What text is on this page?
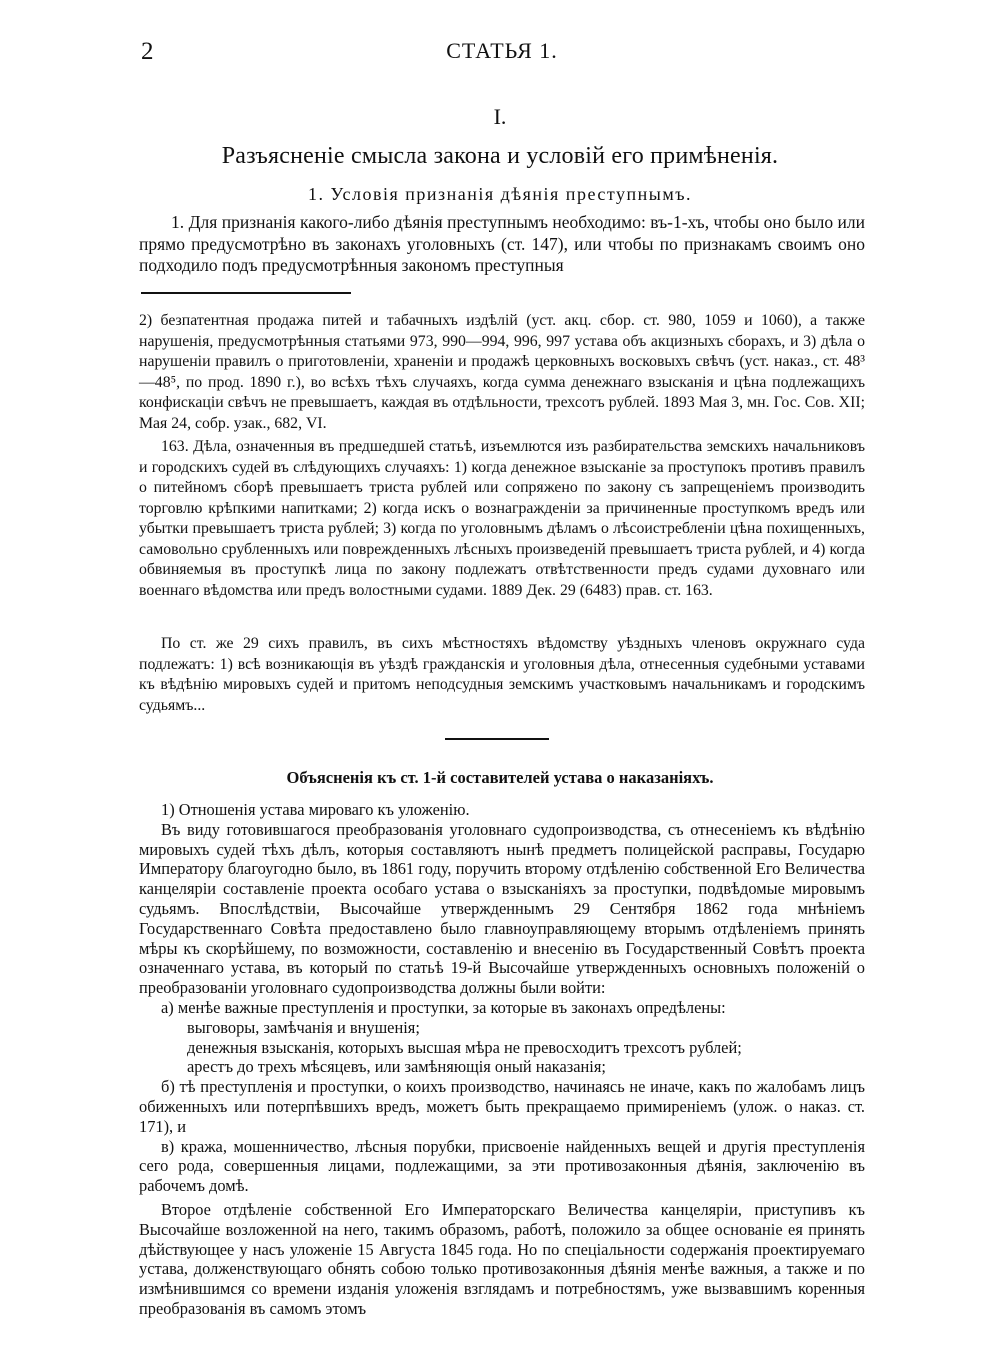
2	СТАТЬЯ 1.
I.
Разъясненіе смысла закона и условій его примѣненія.
1. Условія признанія дѣянія преступнымъ.
1. Для признанія какого-либо дѣянія преступнымъ необходимо: въ-1-хъ, чтобы оно было или прямо предусмотрѣно въ законахъ уголовныхъ (ст. 147), или чтобы по признакамъ своимъ оно подходило подъ предусмотрѣнныя закономъ преступныя
2) безпатентная продажа питей и табачныхъ издѣлій (уст. акц. сбор. ст. 980, 1059 и 1060), а также нарушенія, предусмотрѣнныя статьями 973, 990—994, 996, 997 устава объ акцизныхъ сборахъ, и 3) дѣла о нарушеніи правилъ о приготовленіи, храненіи и продажѣ церковныхъ восковыхъ свѣчъ (уст. наказ., ст. 48³—48⁵, по прод. 1890 г.), во всѣхъ тѣхъ случаяхъ, когда сумма денежнаго взысканія и цѣна подлежащихъ конфискаціи свѣчъ не превышаетъ, каждая въ отдѣльности, трехсотъ рублей. 1893 Мая 3, мн. Гос. Сов. XII; Мая 24, собр. узак., 682, VI.
163. Дѣла, означенныя въ предшедшей статьѣ, изъемлются изъ разбирательства земскихъ начальниковъ и городскихъ судей въ слѣдующихъ случаяхъ: 1) когда денежное взысканіе за проступокъ противъ правилъ о питейномъ сборѣ превышаетъ триста рублей или сопряжено по закону съ запрещеніемъ производить торговлю крѣпкими напитками; 2) когда искъ о вознагражденіи за причиненные проступкомъ вредъ или убытки превышаетъ триста рублей; 3) когда по уголовнымъ дѣламъ о лѣсоистребленіи цѣна похищенныхъ, самовольно срубленныхъ или поврежденныхъ лѣсныхъ произведеній превышаетъ триста рублей, и 4) когда обвиняемыя въ проступкѣ лица по закону подлежатъ отвѣтственности предъ судами духовнаго или военнаго вѣдомства или предъ волостными судами. 1889 Дек. 29 (6483) прав. ст. 163.
По ст. же 29 сихъ правилъ, въ сихъ мѣстностяхъ вѣдомству уѣздныхъ членовъ окружнаго суда подлежатъ: 1) всѣ возникающія въ уѣздѣ гражданскія и уголовныя дѣла, отнесенныя судебными уставами къ вѣдѣнію мировыхъ судей и притомъ неподсудныя земскимъ участковымъ начальникамъ и городскимъ судьямъ...
Объясненія къ ст. 1-й составителей устава о наказаніяхъ.

1) Отношенія устава мироваго къ уложенію.

Въ виду готовившагося преобразованія уголовнаго судопроизводства, съ отнесеніемъ къ вѣдѣнію мировыхъ судей тѣхъ дѣлъ, которыя составляютъ нынѣ предметъ полицейской расправы, Государю Императору благоугодно было, въ 1861 году, поручить второму отдѣленію собственной Его Величества канцеляріи составленіе проекта особаго устава о взысканіяхъ за проступки, подвѣдомые мировымъ судьямъ. Впослѣдствіи, Высочайше утвержденнымъ 29 Сентября 1862 года мнѣніемъ Государственнаго Совѣта предоставлено было главноуправляющему вторымъ отдѣленіемъ принять мѣры къ скорѣйшему, по возможности, составленію и внесенію въ Государственный Совѣтъ проекта означеннаго устава, въ который по статьѣ 19-й Высочайше утвержденныхъ основныхъ положеній о преобразованіи уголовнаго судопроизводства должны были войти:

а) менѣе важные преступленія и проступки, за которые въ законахъ опредѣлены:

выговоры, замѣчанія и внушенія;

денежныя взысканія, которыхъ высшая мѣра не превосходитъ трехсотъ рублей;

арестъ до трехъ мѣсяцевъ, или замѣняющія оный наказанія;

б) тѣ преступленія и проступки, о коихъ производство, начинаясь не иначе, какъ по жалобамъ лицъ обиженныхъ или потерпѣвшихъ вредъ, можетъ быть прекращаемо примиреніемъ (улож. о наказ. ст. 171), и

в) кража, мошенничество, лѣсныя порубки, присвоеніе найденныхъ вещей и другія преступленія сего рода, совершенныя лицами, подлежащими, за эти противозаконныя дѣянія, заключенію въ рабочемъ домѣ.

Второе отдѣленіе собственной Его Императорскаго Величества канцеляріи, приступивъ къ Высочайше возложенной на него, такимъ образомъ, работѣ, положило за общее основаніе ея принять дѣйствующее у насъ уложеніе 15 Августа 1845 года. Но по спеціальности содержанія проектируемаго устава, долженствующаго обнять собою только противозаконныя дѣянія менѣе важныя, а также и по измѣнившимся со времени изданія уложенія взглядамъ и потребностямъ, уже вызвавшимъ коренныя преобразованія въ самомъ этомъ
